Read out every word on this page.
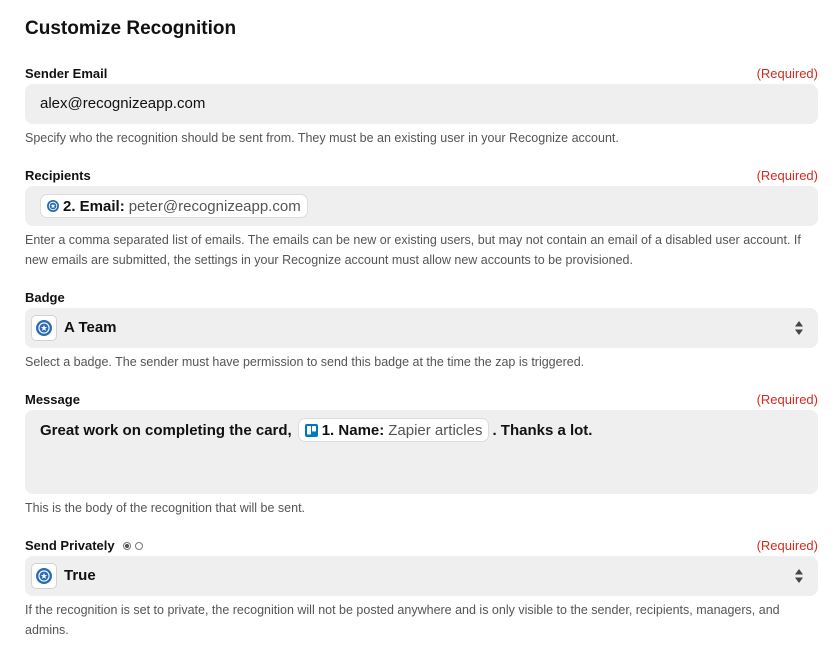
Customize Recognition
Sender Email	(Required)
alex@recognizeapp.com
Specify who the recognition should be sent from. They must be an existing user in your Recognize account.
Recipients	(Required)
2. Email: peter@recognizeapp.com
Enter a comma separated list of emails. The emails can be new or existing users, but may not contain an email of a disabled user account. If new emails are submitted, the settings in your Recognize account must allow new accounts to be provisioned.
Badge
A Team
Select a badge. The sender must have permission to send this badge at the time the zap is triggered.
Message	(Required)
Great work on completing the card, 1. Name: Zapier articles . Thanks a lot.
This is the body of the recognition that will be sent.
Send Privately	(Required)
True
If the recognition is set to private, the recognition will not be posted anywhere and is only visible to the sender, recipients, managers, and admins.
